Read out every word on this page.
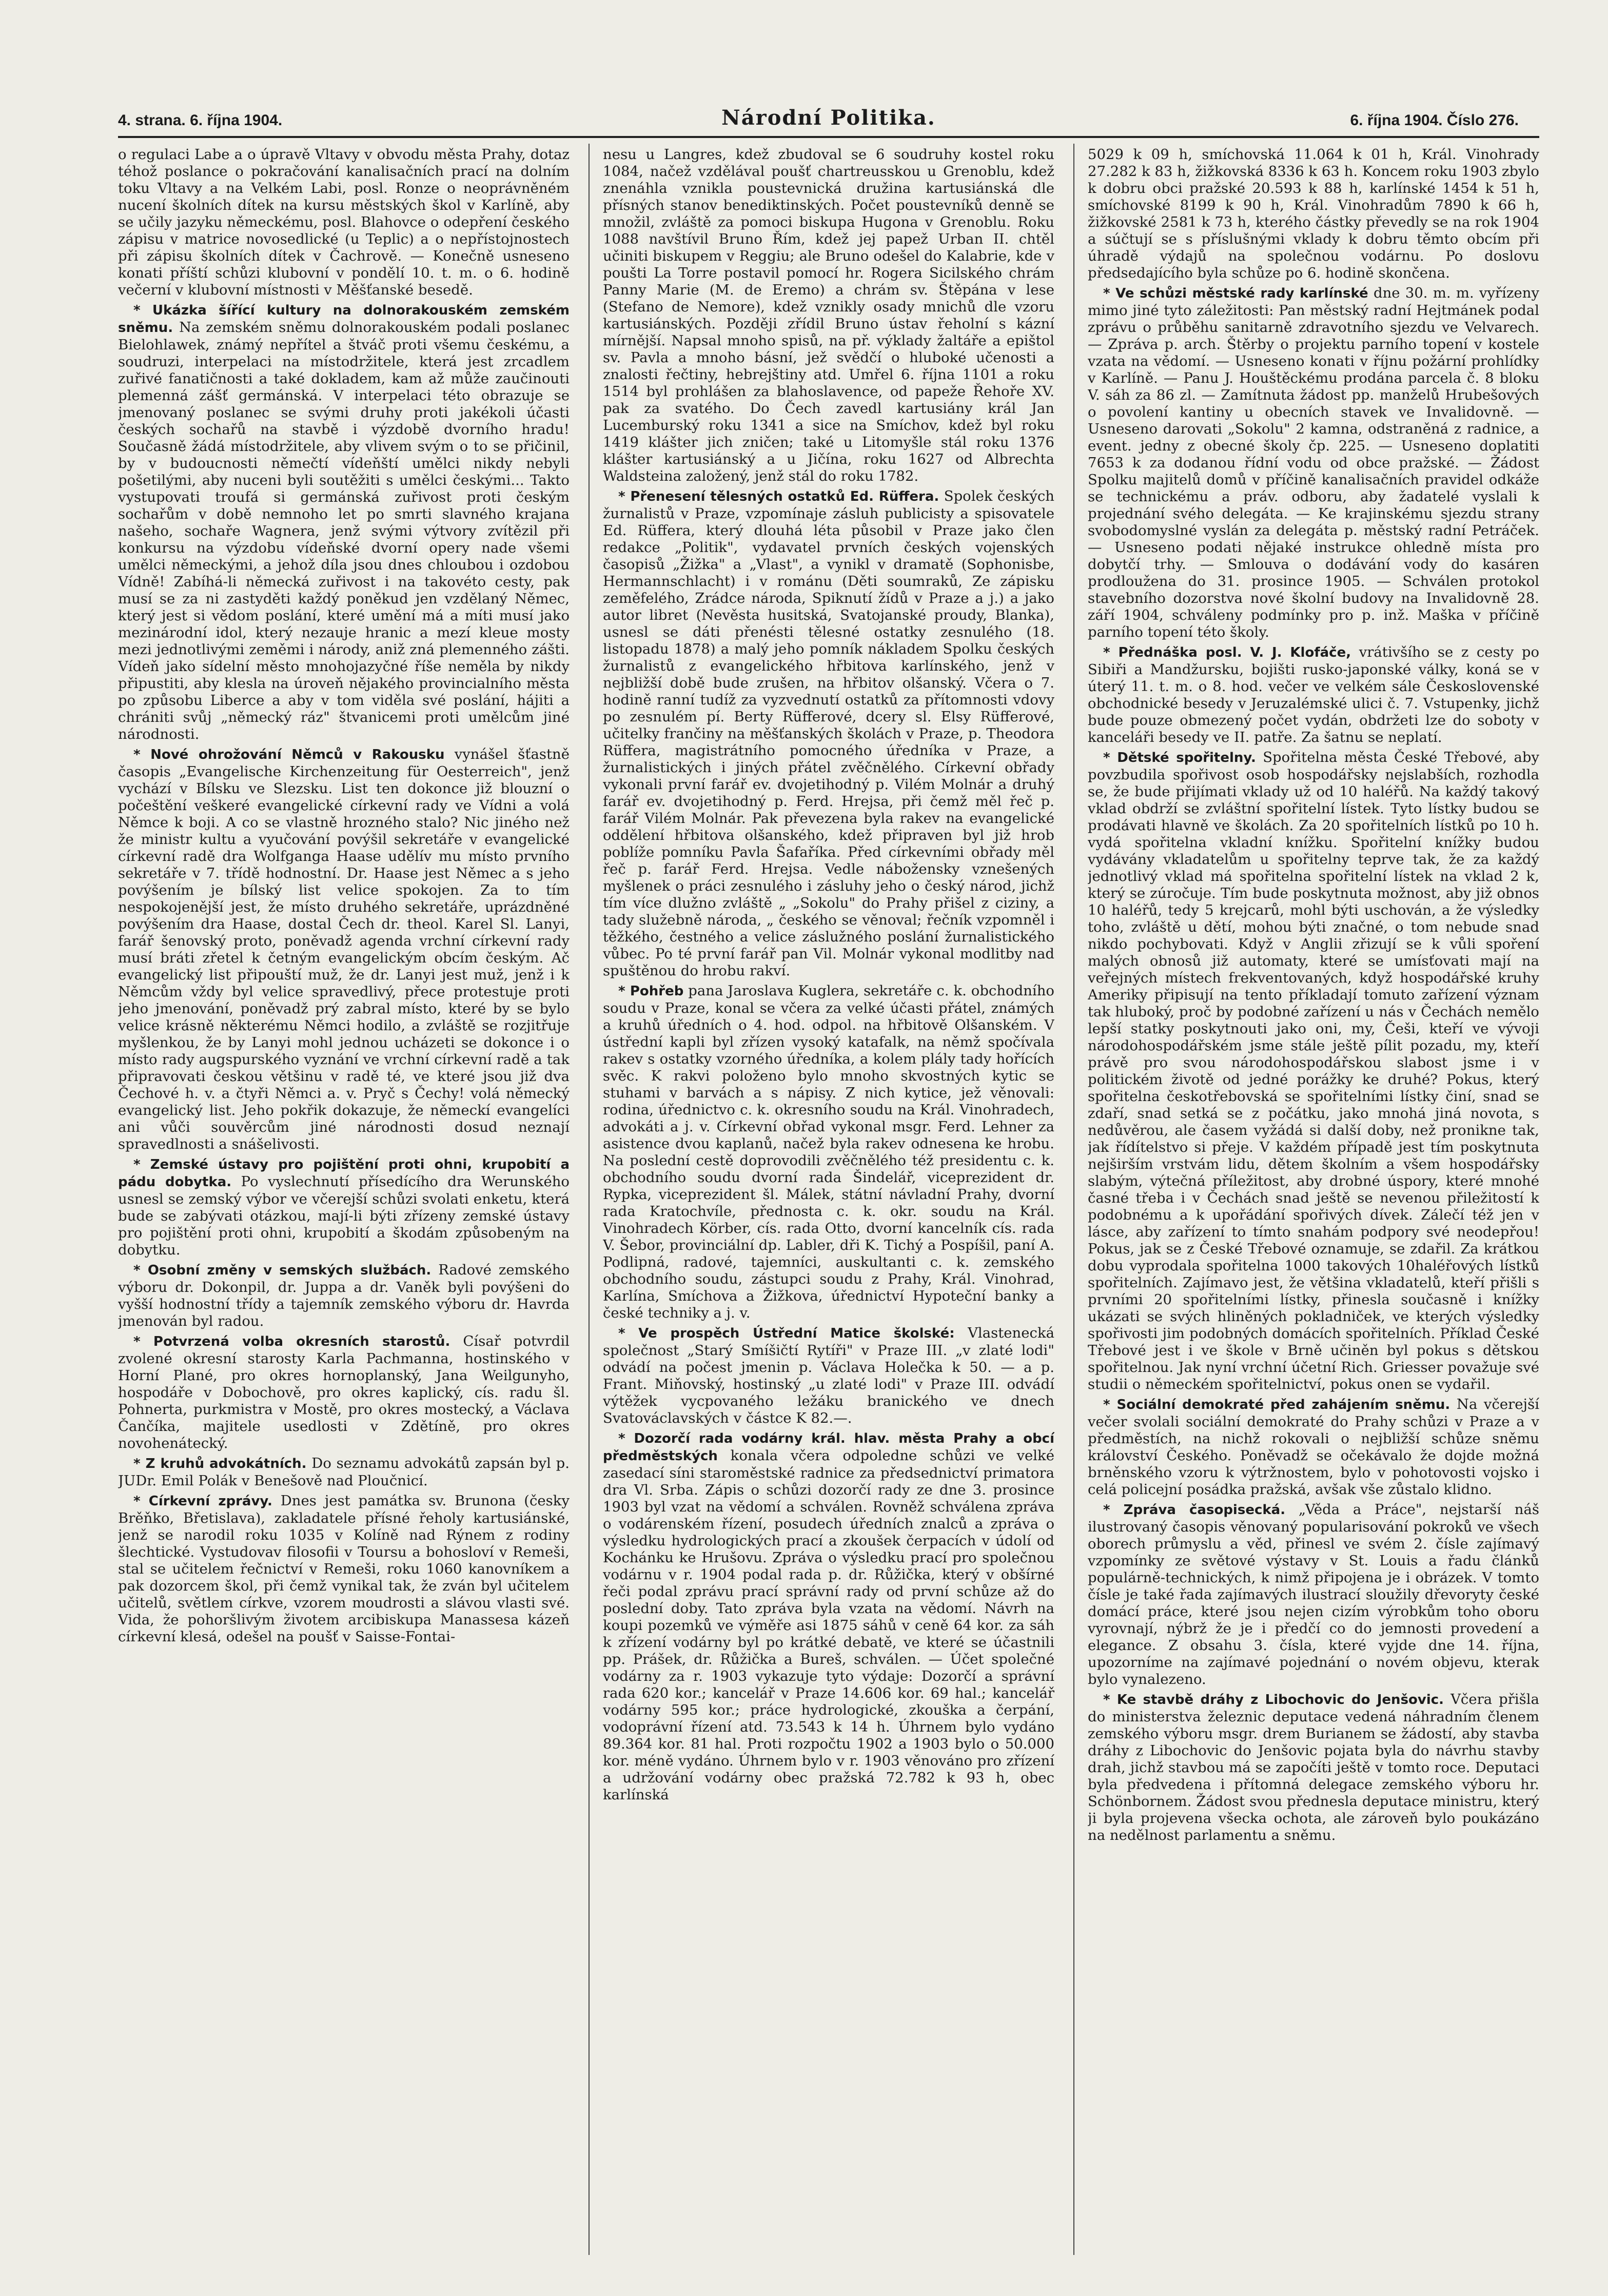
4. strana. 6. října 1904.	Národní Politika.	6. října 1904. Číslo 276.

o regulaci Labe a o úpravě Vltavy v obvodu města Prahy, dotaz téhož poslance o pokračování kanalisačních prací na dolním toku Vltavy a na Velkém Labi, posl. Ronze o neoprávněném nucení školních dítek na kursu městských škol v Karlíně, aby se učily jazyku německému, posl. Blahovce o odepření českého zápisu v matrice novosedlické (u Teplic) a o nepřístojnostech při zápisu školních dítek v Čachrově. — Konečně usneseno konati příští schůzi klubovní v pondělí 10. t. m. o 6. hodině večerní v klubovní místnosti v Měšťanské besedě.

* Ukázka šířící kultury na dolnorakouském zemském sněmu. Na zemském sněmu dolnorakouském podali poslanec Bielohlawek, známý nepřítel a štváč proti všemu českému, a soudruzi, interpelaci na místodržitele, která jest zrcadlem zuřivé fanatičnosti a také dokladem, kam až může zaučinouti plemenná zášť germánská. V interpelaci této obrazuje se jmenovaný poslanec se svými druhy proti jakékoli účasti českých sochařů na stavbě i výzdobě dvorního hradu! Současně žádá místodržitele, aby vlivem svým o to se přičinil, by v budoucnosti němečtí vídeňští umělci nikdy nebyli pošetilými, aby nuceni byli soutěžiti s umělci českými... Takto vystupovati troufá si germánská zuřivost proti českým sochařům v době nemnoho let po smrti slavného krajana našeho, sochaře Wagnera, jenž svými výtvory zvítězil při konkursu na výzdobu vídeňské dvorní opery nade všemi umělci německými, a jehož díla jsou dnes chloubou i ozdobou Vídně! Zabíhá-li německá zuřivost i na takovéto cesty, pak musí se za ni zastyděti každý poněkud jen vzdělaný Němec, který jest si vědom poslání, které umění má a míti musí jako mezinárodní idol, který nezauje hranic a mezí kleue mosty mezi jednotlivými zeměmi i národy, aniž zná plemenného zášti. Vídeň jako sídelní město mnohojazyčné říše neměla by nikdy připustiti, aby klesla na úroveň nějakého provincialního města po způsobu Liberce a aby v tom viděla své poslání, hájiti a chrániti svůj „německý ráz" štvanicemi proti umělcům jiné národnosti.

* Nové ohrožování Němců v Rakousku vynášel šťastně časopis „Evangelische Kirchenzeitung für Oesterreich", jenž vychází v Bílsku ve Slezsku. List ten dokonce již blouzní o počeštění veškeré evangelické církevní rady ve Vídni a volá Němce k boji. A co se vlastně hrozného stalo? Nic jiného než že ministr kultu a vyučování povýšil sekretáře v evangelické církevní radě dra Wolfganga Haase udělív mu místo prvního sekretáře v 7. třídě hodnostní. Dr. Haase jest Němec a s jeho povýšením je bílský list velice spokojen. Za to tím nespokojenější jest, že místo druhého sekretáře, uprázdněné povýšením dra Haase, dostal Čech dr. theol. Karel Sl. Lanyi, farář šenovský proto, poněvadž agenda vrchní církevní rady musí bráti zřetel k četným evangelickým obcím českým. Ač evangelický list připouští muž, že dr. Lanyi jest muž, jenž i k Němcům vždy byl velice spravedlivý, přece protestuje proti jeho jmenování, poněvadž prý zabral místo, které by se bylo velice krásně některému Němci hodilo, a zvláště se rozjitřuje myšlenkou, že by Lanyi mohl jednou ucházeti se dokonce i o místo rady augspurského vyznání ve vrchní církevní radě a tak připravovati českou většinu v radě té, ve které jsou již dva Čechové h. v. a čtyři Němci a. v. Pryč s Čechy! volá německý evangelický list. Jeho pokřik dokazuje, že německí evangelíci ani vůči souvěrcům jiné národnosti dosud neznají spravedlnosti a snášelivosti.

* Zemské ústavy pro pojištění proti ohni, krupobití a pádu dobytka. Po vyslechnutí přísedícího dra Werunského usnesl se zemský výbor ve včerejší schůzi svolati enketu, která bude se zabývati otázkou, mají-li býti zřízeny zemské ústavy pro pojištění proti ohni, krupobití a škodám způsobeným na dobytku.

* Osobní změny v semských službách. Radové zemského výboru dr. Dokonpil, dr. Juppa a dr. Vaněk byli povýšeni do vyšší hodnostní třídy a tajemník zemského výboru dr. Havrda jmenován byl radou.

* Potvrzená volba okresních starostů. Císař potvrdil zvolené okresní starosty Karla Pachmanna, hostinského v Horní Plané, pro okres hornoplanský, Jana Weilgunyho, hospodáře v Dobochově, pro okres kaplický, cís. radu šl. Pohnerta, purkmistra v Mostě, pro okres mostecký, a Václava Čančíka, majitele usedlosti v Zdětíně, pro okres novohenátecký.

* Z kruhů advokátních. Do seznamu advokátů zapsán byl p. JUDr. Emil Polák v Benešově nad Ploučnicí.

* Církevní zprávy. Dnes jest památka sv. Brunona (česky Brěňko, Břetislava), zakladatele přísné řeholy kartusiánské, jenž se narodil roku 1035 v Kolíně nad Rýnem z rodiny šlechtické. Vystudovav filosofii v Toursu a bohosloví v Remeši, stal se učitelem řečnictví v Remeši, roku 1060 kanovníkem a pak dozorcem škol, při čemž vynikal tak, že zván byl učitelem učitelů, světlem církve, vzorem moudrosti a slávou vlasti své. Vida, že pohoršlivým životem arcibiskupa Manassesa kázeň církevní klesá, odešel na poušť v Saisse-Fontai-

nesu u Langres, kdež zbudoval se 6 soudruhy kostel roku 1084, načež vzdělával poušť chartreusskou u Grenoblu, kdež znenáhla vznikla poustevnická družina kartusiánská dle přísných stanov benediktinských. Počet poustevníků denně se množil, zvláště za pomoci biskupa Hugona v Grenoblu. Roku 1088 navštívil Bruno Řím, kdež jej papež Urban II. chtěl učiniti biskupem v Reggiu; ale Bruno odešel do Kalabrie, kde v poušti La Torre postavil pomocí hr. Rogera Sicilského chrám Panny Marie (M. de Eremo) a chrám sv. Štěpána v lese (Stefano de Nemore), kdež vznikly osady mnichů dle vzoru kartusiánských. Později zřídil Bruno ústav řeholní s kázní mírnější. Napsal mnoho spisů, na př. výklady žaltáře a epištol sv. Pavla a mnoho básní, jež svědčí o hluboké učenosti a znalosti řečtiny, hebrejštiny atd. Umřel 6. října 1101 a roku 1514 byl prohlášen za blahoslavence, od papeže Řehoře XV. pak za svatého. Do Čech zavedl kartusiány král Jan Lucemburský roku 1341 a sice na Smíchov, kdež byl roku 1419 klášter jich zničen; také u Litomyšle stál roku 1376 klášter kartusiánský a u Jičína, roku 1627 od Albrechta Waldsteina založený, jenž stál do roku 1782.

* Přenesení tělesných ostatků Ed. Rüffera. Spolek českých žurnalistů v Praze, vzpomínaje zásluh publicisty a spisovatele Ed. Rüffera, který dlouhá léta působil v Praze jako člen redakce „Politik", vydavatel prvních českých vojenských časopisů „Žižka" a „Vlast", a vynikl v dramatě (Sophonisbe, Hermannschlacht) i v románu (Děti soumraků, Ze zápisku zeměfelého, Zrádce národa, Spiknutí žídů v Praze a j.) a jako autor libret (Nevěsta husitská, Svatojanské proudy, Blanka), usnesl se dáti přenésti tělesné ostatky zesnulého (18. listopadu 1878) a malý jeho pomník nákladem Spolku českých žurnalistů z evangelického hřbitova karlínského, jenž v nejbližší době bude zrušen, na hřbitov olšanský. Včera o 7. hodině ranní tudíž za vyzvednutí ostatků za přítomnosti vdovy po zesnulém pí. Berty Rüfferové, dcery sl. Elsy Rüfferové, učitelky frančiny na měšťanských školách v Praze, p. Theodora Rüffera, magistrátního pomocného úředníka v Praze, a žurnalistických i jiných přátel zvěčnělého. Církevní obřady vykonali první farář ev. dvojetihodný p. Vilém Molnár a druhý farář ev. dvojetihodný p. Ferd. Hrejsa, při čemž měl řeč p. farář Vilém Molnár. Pak převezena byla rakev na evangelické oddělení hřbitova olšanského, kdež připraven byl již hrob poblíže pomníku Pavla Šafaříka. Před církevními obřady měl řeč p. farář Ferd. Hrejsa. Vedle nábožensky vznešených myšlenek o práci zesnulého i zásluhy jeho o český národ, jichž tím více dlužno zvláště „ „Sokolu" do Prahy přišel z ciziny, a tady služebně národa, „ českého se věnoval; řečník vzpomněl i těžkého, čestného a velice záslužného poslání žurnalistického vůbec. Po té první farář pan Vil. Molnár vykonal modlitby nad spuštěnou do hrobu rakví.

* Pohřeb pana Jaroslava Kuglera, sekretáře c. k. obchodního soudu v Praze, konal se včera za velké účasti přátel, známých a kruhů úředních o 4. hod. odpol. na hřbitově Olšanském. V ústřední kapli byl zřízen vysoký katafalk, na němž spočívala rakev s ostatky vzorného úředníka, a kolem plály tady hořících svěc. K rakvi položeno bylo mnoho skvostných kytic se stuhami v barvách a s nápisy. Z nich kytice, jež věnovali: rodina, úřednictvo c. k. okresního soudu na Král. Vinohradech, advokáti a j. v. Církevní obřad vykonal msgr. Ferd. Lehner za asistence dvou kaplanů, načež byla rakev odnesena ke hrobu. Na poslední cestě doprovodili zvěčnělého též presidentu c. k. obchodního soudu dvorní rada Šindelář, viceprezident dr. Rypka, viceprezident šl. Málek, státní návladní Prahy, dvorní rada Kratochvíle, přednosta c. k. okr. soudu na Král. Vinohradech Körber, cís. rada Otto, dvorní kancelník cís. rada V. Šebor, provinciální dp. Labler, dři K. Tichý a Pospíšil, paní A. Podlipná, radové, tajemníci, auskultanti c. k. zemského obchodního soudu, zástupci soudu z Prahy, Král. Vinohrad, Karlína, Smíchova a Žižkova, úřednictví Hypoteční banky a české techniky a j. v.

* Ve prospěch Ústřední Matice školské: Vlastenecká společnost „Starý Smíšičtí Rytíři" v Praze III. „v zlaté lodi" odvádí na počest jmenin p. Václava Holečka k 50. — a p. Frant. Miňovský, hostinský „u zlaté lodi" v Praze III. odvádí výtěžek vycpovaného ležáku branického ve dnech Svatováclavských v částce K 82.—.

* Dozorčí rada vodárny král. hlav. města Prahy a obcí předměstských konala včera odpoledne schůzi ve velké zasedací síni staroměstské radnice za předsednictví primatora dra Vl. Srba. Zápis o schůzi dozorčí rady ze dne 3. prosince 1903 byl vzat na vědomí a schválen. Rovněž schválena zpráva o vodárenském řízení, posudech úředních znalců a zpráva o výsledku hydrologických prací a zkoušek čerpacích v údolí od Kochánku ke Hrušovu. Zpráva o výsledku prací pro společnou vodárnu v r. 1904 podal rada p. dr. Růžička, který v obšírné řeči podal zprávu prací správní rady od první schůze až do poslední doby. Tato zpráva byla vzata na vědomí. Návrh na koupi pozemků ve výměře asi 1875 sáhů v ceně 64 kor. za sáh k zřízení vodárny byl po krátké debatě, ve které se účastnili pp. Prášek, dr. Růžička a Bureš, schválen. — Účet společné vodárny za r. 1903 vykazuje tyto výdaje: Dozorčí a správní rada 620 kor.; kancelář v Praze 14.606 kor. 69 hal.; kancelář vodárny 595 kor.; práce hydrologické, zkouška a čerpání, vodoprávní řízení atd. 73.543 k 14 h. Úhrnem bylo vydáno 89.364 kor. 81 hal. Proti rozpočtu 1902 a 1903 bylo o 50.000 kor. méně vydáno. Úhrnem bylo v r. 1903 věnováno pro zřízení a udržování vodárny obec pražská 72.782 k 93 h, obec karlínská

5029 k 09 h, smíchovská 11.064 k 01 h, Král. Vinohrady 27.282 k 83 h, žižkovská 8336 k 63 h. Koncem roku 1903 zbylo k dobru obci pražské 20.593 k 88 h, karlínské 1454 k 51 h, smíchovské 8199 k 90 h, Král. Vinohradům 7890 k 66 h, žižkovské 2581 k 73 h, kterého částky převedly se na rok 1904 a súčtují se s příslušnými vklady k dobru těmto obcím při úhradě výdajů na společnou vodárnu. Po doslovu předsedajícího byla schůze po 6. hodině skončena.

* Ve schůzi městské rady karlínské dne 30. m. m. vyřízeny mimo jiné tyto záležitosti: Pan městský radní Hejtmánek podal zprávu o průběhu sanitarně zdravotního sjezdu ve Velvarech. — Zpráva p. arch. Štěrby o projektu parního topení v kostele vzata na vědomí. — Usneseno konati v říjnu požární prohlídky v Karlíně. — Panu J. Houštěckému prodána parcela č. 8 bloku V. sáh za 86 zl. — Zamítnuta žádost pp. manželů Hrubešových o povolení kantiny u obecních stavek ve Invalidovně. — Usneseno darovati „Sokolu" 2 kamna, odstraněná z radnice, a event. jedny z obecné školy čp. 225. — Usneseno doplatiti 7653 k za dodanou řídní vodu od obce pražské. — Žádost Spolku majitelů domů v příčině kanalisačních pravidel odkáže se technickému a práv. odboru, aby žadatelé vyslali k projednání svého delegáta. — Ke krajinskému sjezdu strany svobodomyslné vyslán za delegáta p. městský radní Petráček. — Usneseno podati nějaké instrukce ohledně místa pro dobytčí trhy. — Smlouva o dodávání vody do kasáren prodloužena do 31. prosince 1905. — Schválen protokol stavebního dozorstva nové školní budovy na Invalidovně 28. září 1904, schváleny podmínky pro p. inž. Maška v příčině parního topení této školy.

* Přednáška posl. V. J. Klofáče, vrátivšího se z cesty po Sibiři a Mandžursku, bojišti rusko-japonské války, koná se v úterý 11. t. m. o 8. hod. večer ve velkém sále Československé obchodnické besedy v Jeruzalémské ulici č. 7. Vstupenky, jichž bude pouze obmezený počet vydán, obdržeti lze do soboty v kanceláři besedy ve II. patře. Za šatnu se neplatí.

* Dětské spořitelny. Spořitelna města České Třebové, aby povzbudila spořivost osob hospodářsky nejslabších, rozhodla se, že bude přijímati vklady už od 10 haléřů. Na každý takový vklad obdrží se zvláštní spořitelní lístek. Tyto lístky budou se prodávati hlavně ve školách. Za 20 spořitelních lístků po 10 h. vydá spořitelna vkladní knížku. Spořitelní knížky budou vydávány vkladatelům u spořitelny teprve tak, že za každý jednotlivý vklad má spořitelna spořitelní lístek na vklad 2 k, který se zúročuje. Tím bude poskytnuta možnost, aby již obnos 10 haléřů, tedy 5 krejcarů, mohl býti uschován, a že výsledky toho, zvláště u dětí, mohou býti značné, o tom nebude snad nikdo pochybovati. Když v Anglii zřizují se k vůli spoření malých obnosů již automaty, které se umísťovati mají na veřejných místech frekventovaných, když hospodářské kruhy Ameriky připisují na tento příkladají tomuto zařízení význam tak hluboký, proč by podobné zařízení u nás v Čechách nemělo lepší statky poskytnouti jako oni, my, Češi, kteří ve vývoji národohospodářském jsme stále ještě pílit pozadu, my, kteří právě pro svou národohospodářskou slabost jsme i v politickém životě od jedné porážky ke druhé? Pokus, který spořitelna českotřebovská se spořitelními lístky činí, snad se zdaří, snad setká se z počátku, jako mnohá jiná novota, s nedůvěrou, ale časem vyžádá si další doby, než pronikne tak, jak řídítelstvo si přeje. V každém případě jest tím poskytnuta nejširším vrstvám lidu, dětem školním a všem hospodářsky slabým, výtečná příležitost, aby drobné úspory, které mnohé časné třeba i v Čechách snad ještě se nevenou přiležitostí k podobnému a k upořádání spořivých dívek. Zálečí též jen v lásce, aby zařízení to tímto snahám podpory své neodepřou! Pokus, jak se z České Třebové oznamuje, se zdařil. Za krátkou dobu vyprodala spořitelna 1000 takových 10haléřových lístků spořitelních. Zajímavo jest, že většina vkladatelů, kteří přišli s prvními 20 spořitelními lístky, přinesla současně i knížky ukázati se svých hliněných pokladniček, ve kterých výsledky spořivosti jim podobných domácích spořitelních. Příklad České Třebové jest i ve škole v Brně učiněn byl pokus s dětskou spořitelnou. Jak nyní vrchní účetní Rich. Griesser považuje své studii o německém spořitelnictví, pokus onen se vydařil.

* Sociální demokraté před zahájením sněmu. Na včerejší večer svolali sociální demokraté do Prahy schůzi v Praze a v předměstích, na nichž rokovali o nejbližší schůze sněmu království Českého. Poněvadž se očekávalo že dojde možná brněnského vzoru k výtržnostem, bylo v pohotovosti vojsko i celá policejní posádka pražská, avšak vše zůstalo klidno.

* Zpráva časopisecká. „Věda a Práce", nejstarší náš ilustrovaný časopis věnovaný popularisování pokroků ve všech oborech průmyslu a věd, přinesl ve svém 2. čísle zajímavý vzpomínky ze světové výstavy v St. Louis a řadu článků populárně-technických, k nimž připojena je i obrázek. V tomto čísle je také řada zajímavých ilustrací sloužily dřevoryty české domácí práce, které jsou nejen cizím výrobkům toho oboru vyrovnají, nýbrž že je i předčí co do jemnosti provedení a elegance. Z obsahu 3. čísla, které vyjde dne 14. října, upozorníme na zajímavé pojednání o novém objevu, kterak bylo vynalezeno.

* Ke stavbě dráhy z Libochovic do Jenšovic. Včera přišla do ministerstva železnic deputace vedená náhradním členem zemského výboru msgr. drem Burianem se žádostí, aby stavba dráhy z Libochovic do Jenšovic pojata byla do návrhu stavby drah, jichž stavbou má se započíti ještě v tomto roce. Deputaci byla předvedena i přítomná delegace zemského výboru hr. Schönbornem. Žádost svou přednesla deputace ministru, který ji byla projevena všecka ochota, ale zároveň bylo poukázáno na nedělnost parlamentu a sněmu.
